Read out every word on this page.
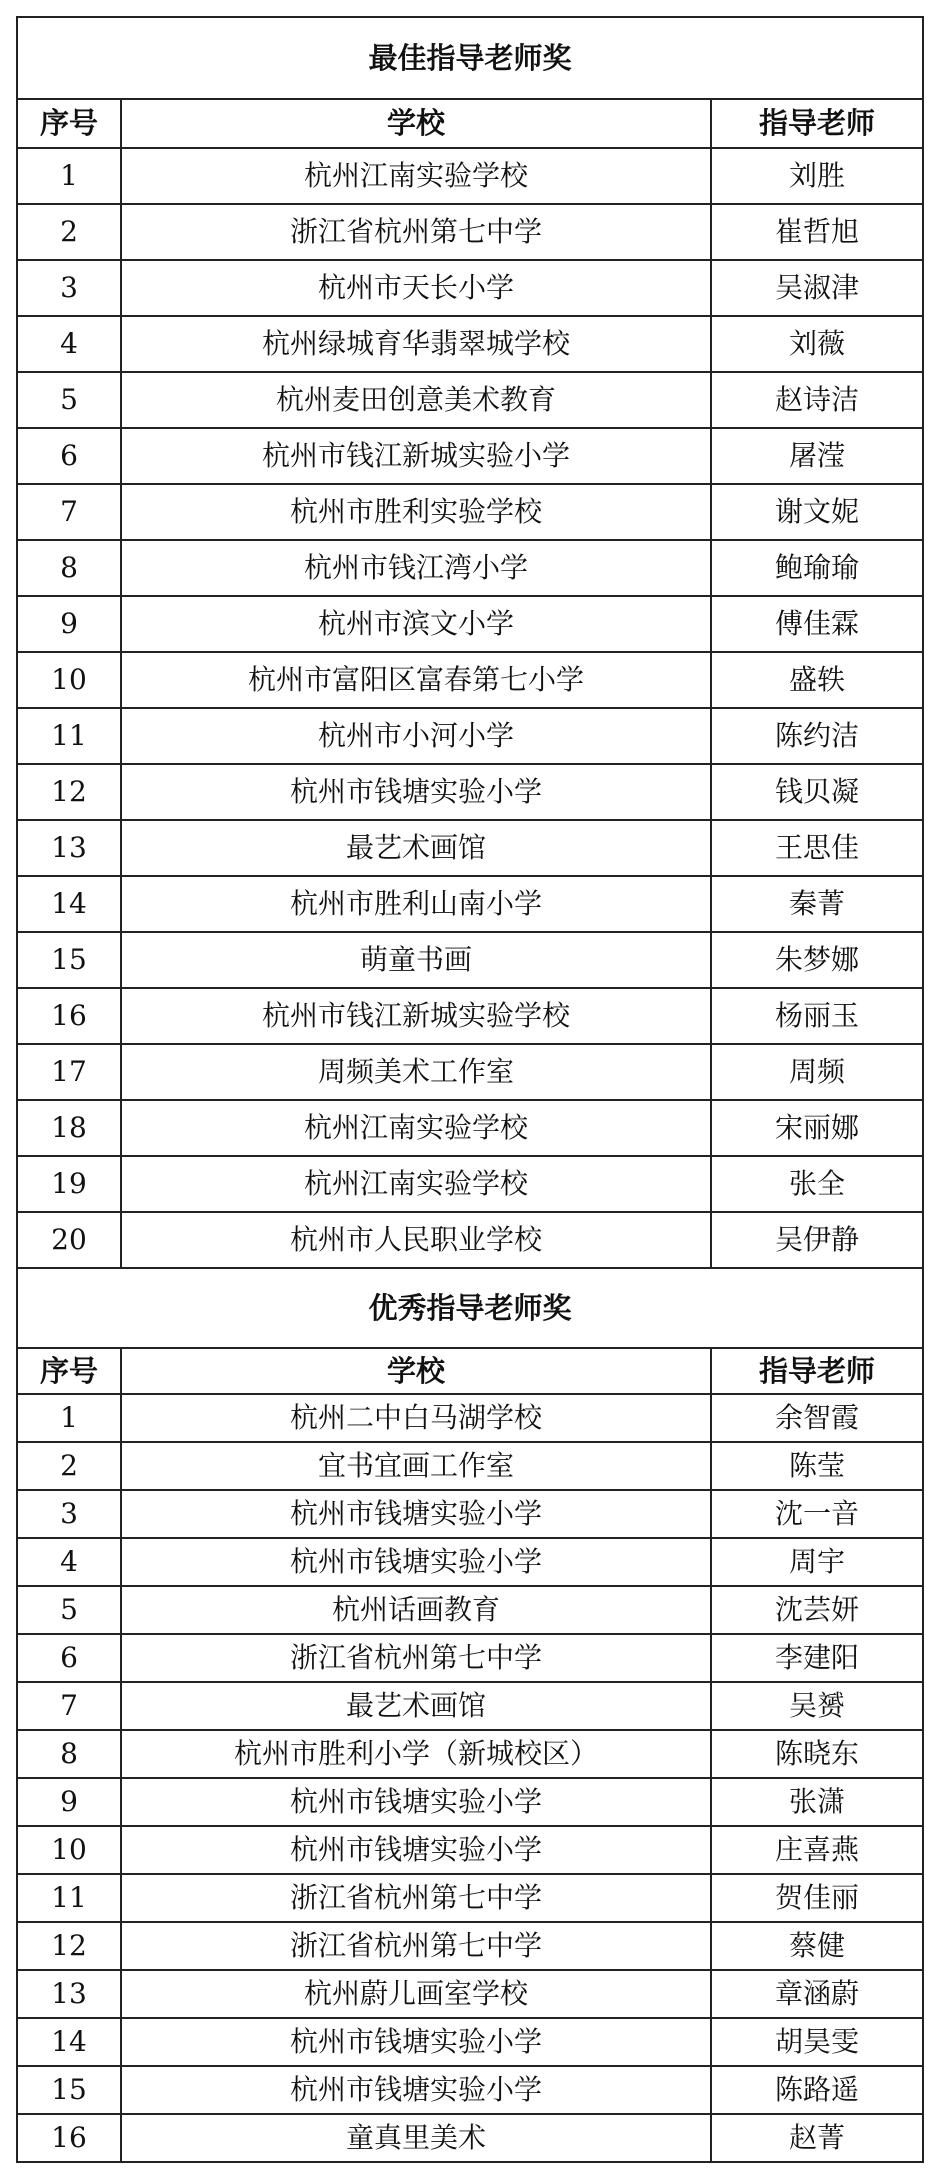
最佳指导老师奖		
序号	学校	指导老师
1	杭州江南实验学校	刘胜
2	浙江省杭州第七中学	崔哲旭
3	杭州市天长小学	吴淑津
4	杭州绿城育华翡翠城学校	刘薇
5	杭州麦田创意美术教育	赵诗洁
6	杭州市钱江新城实验小学	屠滢
7	杭州市胜利实验学校	谢文妮
8	杭州市钱江湾小学	鲍瑜瑜
9	杭州市滨文小学	傅佳霖
10	杭州市富阳区富春第七小学	盛轶
11	杭州市小河小学	陈约洁
12	杭州市钱塘实验小学	钱贝凝
13	最艺术画馆	王思佳
14	杭州市胜利山南小学	秦菁
15	萌童书画	朱梦娜
16	杭州市钱江新城实验学校	杨丽玉
17	周频美术工作室	周频
18	杭州江南实验学校	宋丽娜
19	杭州江南实验学校	张全
20	杭州市人民职业学校	吴伊静
优秀指导老师奖		
序号	学校	指导老师
1	杭州二中白马湖学校	余智霞
2	宜书宜画工作室	陈莹
3	杭州市钱塘实验小学	沈一音
4	杭州市钱塘实验小学	周宇
5	杭州话画教育	沈芸妍
6	浙江省杭州第七中学	李建阳
7	最艺术画馆	吴赟
8	杭州市胜利小学（新城校区）	陈晓东
9	杭州市钱塘实验小学	张潇
10	杭州市钱塘实验小学	庄喜燕
11	浙江省杭州第七中学	贺佳丽
12	浙江省杭州第七中学	蔡健
13	杭州蔚儿画室学校	章涵蔚
14	杭州市钱塘实验小学	胡昊雯
15	杭州市钱塘实验小学	陈路遥
16	童真里美术	赵菁
